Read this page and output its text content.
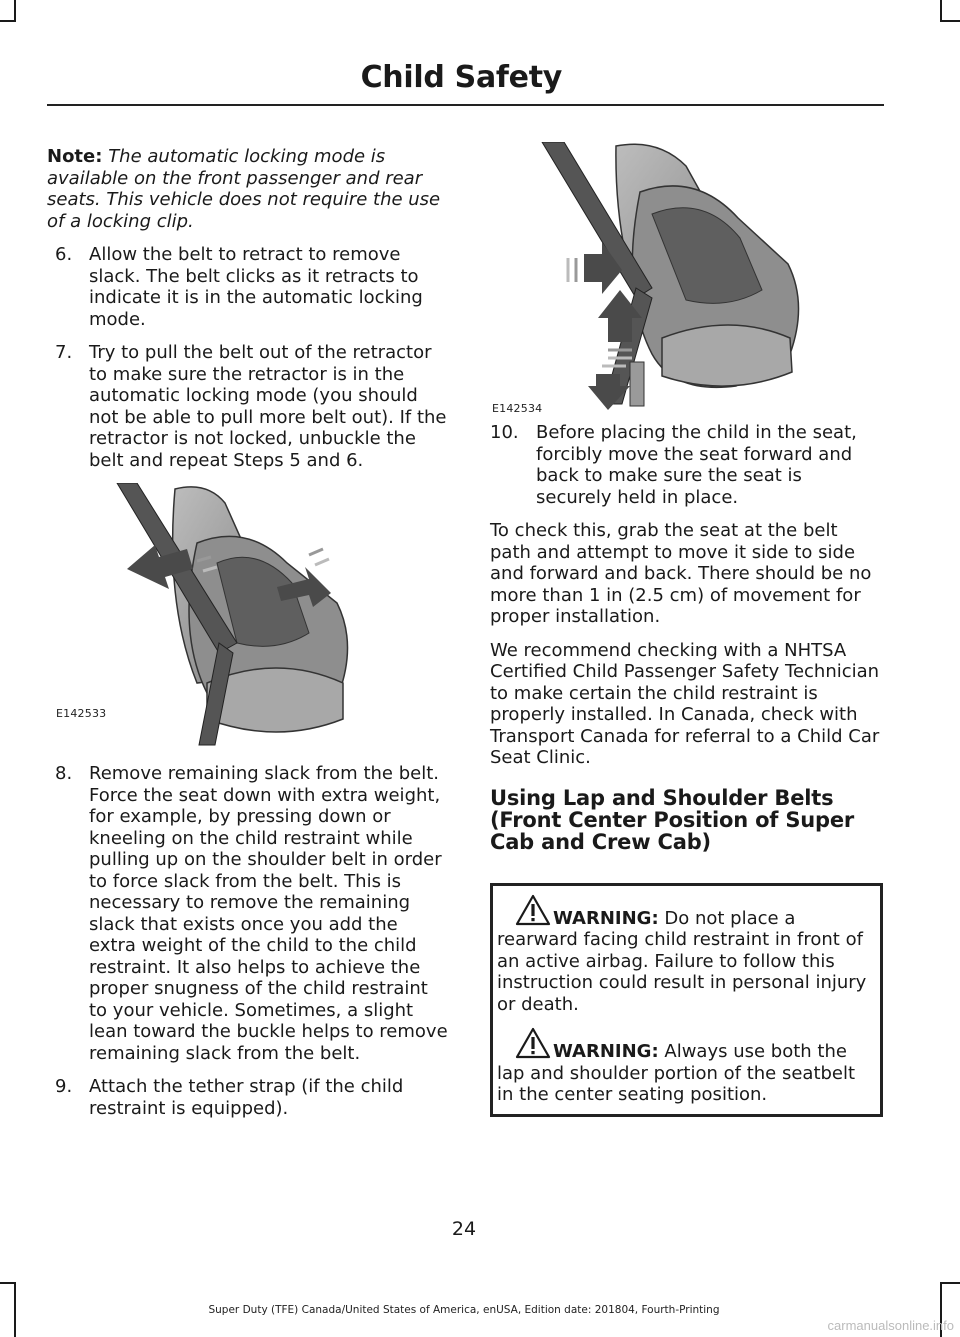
Child Safety

Note: The automatic locking mode is available on the front passenger and rear seats. This vehicle does not require the use of a locking clip.

6. Allow the belt to retract to remove slack. The belt clicks as it retracts to indicate it is in the automatic locking mode.
7. Try to pull the belt out of the retractor to make sure the retractor is in the automatic locking mode (you should not be able to pull more belt out). If the retractor is not locked, unbuckle the belt and repeat Steps 5 and 6.
E142533
8. Remove remaining slack from the belt. Force the seat down with extra weight, for example, by pressing down or kneeling on the child restraint while pulling up on the shoulder belt in order to force slack from the belt. This is necessary to remove the remaining slack that exists once you add the extra weight of the child to the child restraint. It also helps to achieve the proper snugness of the child restraint to your vehicle. Sometimes, a slight lean toward the buckle helps to remove remaining slack from the belt.
9. Attach the tether strap (if the child restraint is equipped).
E142534
10. Before placing the child in the seat, forcibly move the seat forward and back to make sure the seat is securely held in place.

To check this, grab the seat at the belt path and attempt to move it side to side and forward and back. There should be no more than 1 in (2.5 cm) of movement for proper installation.

We recommend checking with a NHTSA Certified Child Passenger Safety Technician to make certain the child restraint is properly installed. In Canada, check with Transport Canada for referral to a Child Car Seat Clinic.

Using Lap and Shoulder Belts (Front Center Position of Super Cab and Crew Cab)
WARNING: Do not place a rearward facing child restraint in front of an active airbag. Failure to follow this instruction could result in personal injury or death.
WARNING: Always use both the lap and shoulder portion of the seatbelt in the center seating position.
24
Super Duty (TFE) Canada/United States of America, enUSA, Edition date: 201804, Fourth-Printing
carmanualsonline.info
